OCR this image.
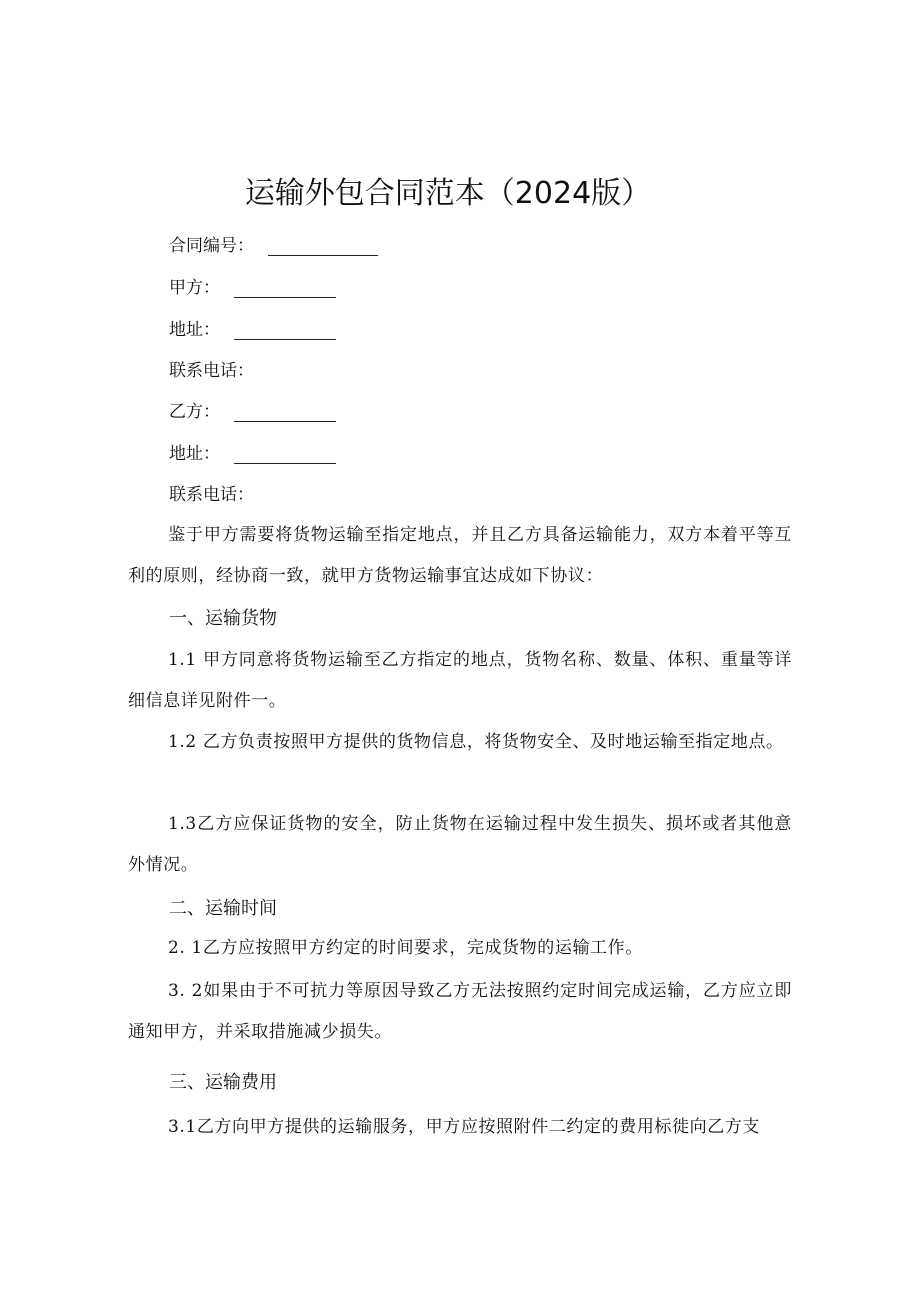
运输外包合同范本（2024版）
合同编号：
甲方：
地址：
联系电话：
乙方：
地址：
联系电话：
鉴于甲方需要将货物运输至指定地点，并且乙方具备运输能力，双方本着平等互利的原则，经协商一致，就甲方货物运输事宜达成如下协议：
一、运输货物
1.1 甲方同意将货物运输至乙方指定的地点，货物名称、数量、体积、重量等详细信息详见附件一。
1.2 乙方负责按照甲方提供的货物信息，将货物安全、及时地运输至指定地点。
1.3乙方应保证货物的安全，防止货物在运输过程中发生损失、损坏或者其他意外情况。
二、运输时间
2. 1乙方应按照甲方约定的时间要求，完成货物的运输工作。
3. 2如果由于不可抗力等原因导致乙方无法按照约定时间完成运输，乙方应立即通知甲方，并采取措施减少损失。
三、运输费用
3.1乙方向甲方提供的运输服务，甲方应按照附件二约定的费用标徙向乙方支
